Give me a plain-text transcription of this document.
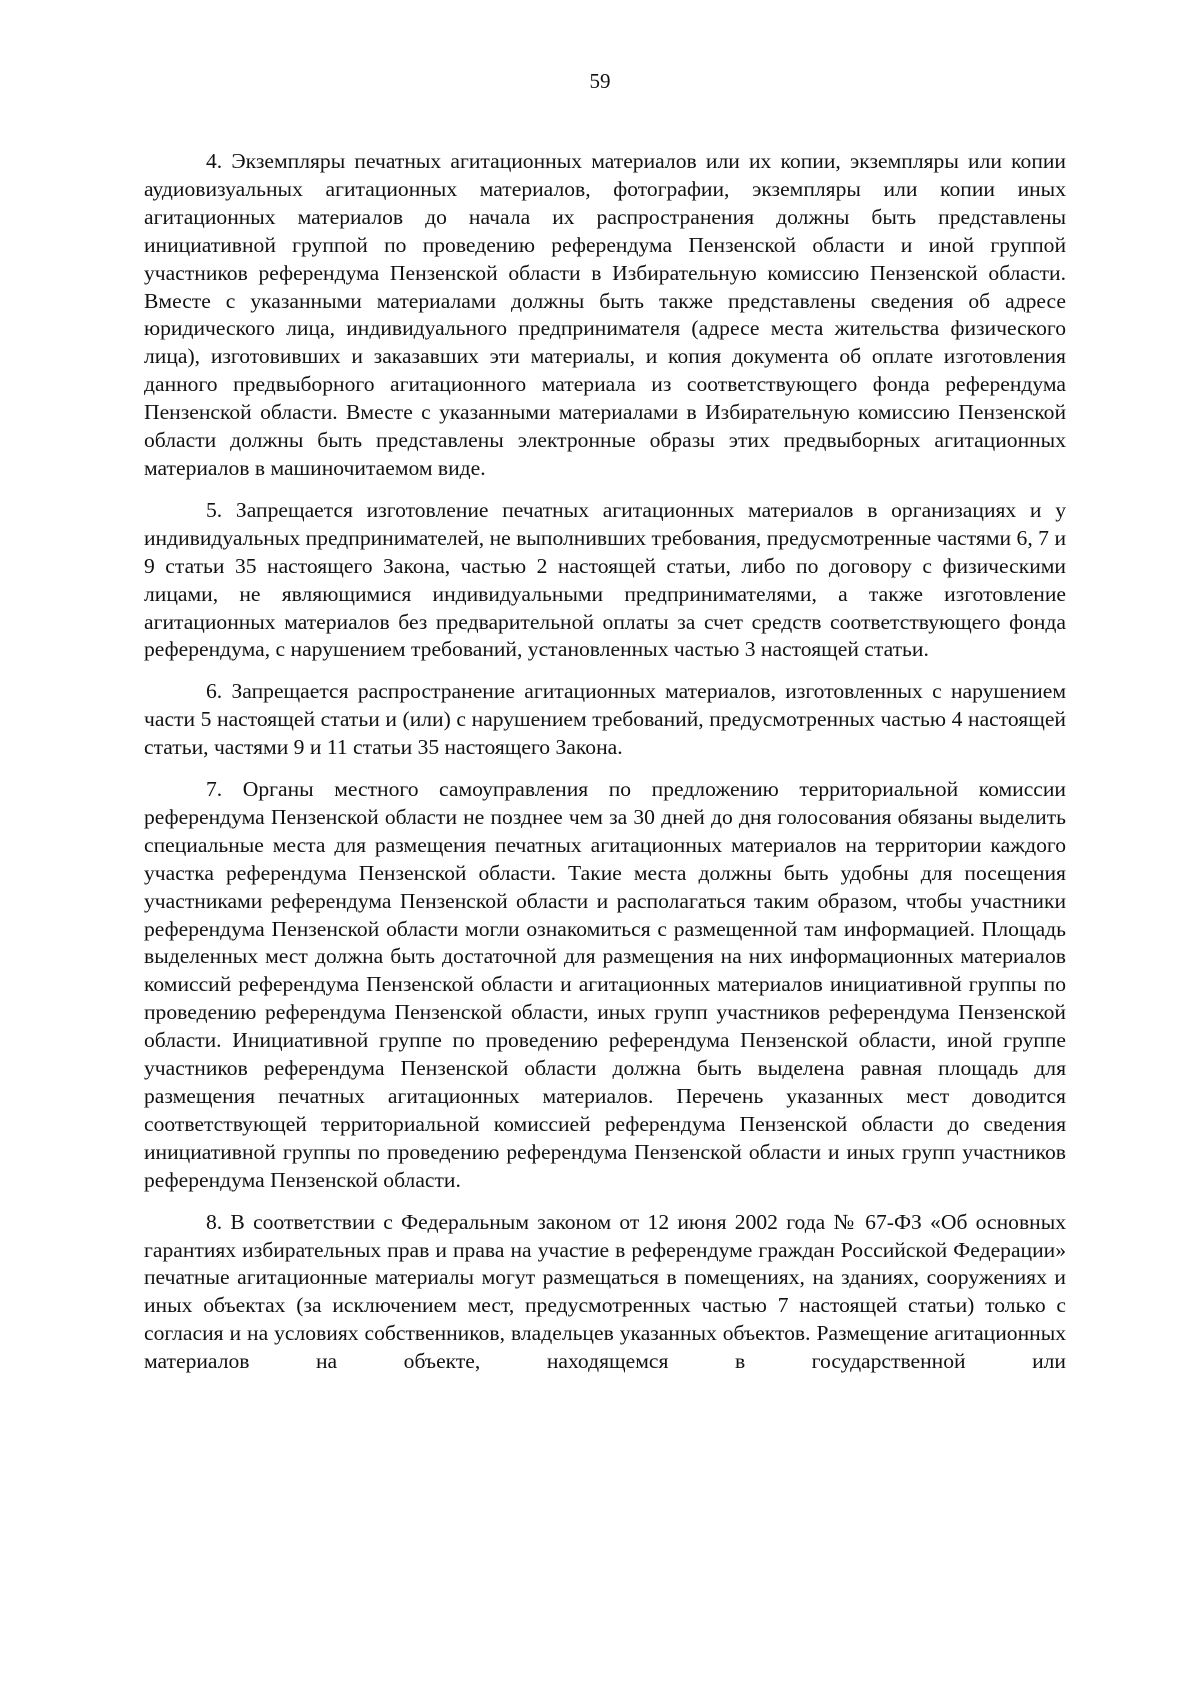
59

4. Экземпляры печатных агитационных материалов или их копии, экземпляры или копии аудиовизуальных агитационных материалов, фотографии, экземпляры или копии иных агитационных материалов до начала их распространения должны быть представлены инициативной группой по проведению референдума Пензенской области и иной группой участников референдума Пензенской области в Избирательную комиссию Пензенской области. Вместе с указанными материалами должны быть также представлены сведения об адресе юридического лица, индивидуального предпринимателя (адресе места жительства физического лица), изготовивших и заказавших эти материалы, и копия документа об оплате изготовления данного предвыборного агитационного материала из соответствующего фонда референдума Пензенской области. Вместе с указанными материалами в Избирательную комиссию Пензенской области должны быть представлены электронные образы этих предвыборных агитационных материалов в машиночитаемом виде.

5. Запрещается изготовление печатных агитационных материалов в организациях и у индивидуальных предпринимателей, не выполнивших требования, предусмотренные частями 6, 7 и 9 статьи 35 настоящего Закона, частью 2 настоящей статьи, либо по договору с физическими лицами, не являющимися индивидуальными предпринимателями, а также изготовление агитационных материалов без предварительной оплаты за счет средств соответствующего фонда референдума, с нарушением требований, установленных частью 3 настоящей статьи.

6. Запрещается распространение агитационных материалов, изготовленных с нарушением части 5 настоящей статьи и (или) с нарушением требований, предусмотренных частью 4 настоящей статьи, частями 9 и 11 статьи 35 настоящего Закона.

7. Органы местного самоуправления по предложению территориальной комиссии референдума Пензенской области не позднее чем за 30 дней до дня голосования обязаны выделить специальные места для размещения печатных агитационных материалов на территории каждого участка референдума Пензенской области. Такие места должны быть удобны для посещения участниками референдума Пензенской области и располагаться таким образом, чтобы участники референдума Пензенской области могли ознакомиться с размещенной там информацией. Площадь выделенных мест должна быть достаточной для размещения на них информационных материалов комиссий референдума Пензенской области и агитационных материалов инициативной группы по проведению референдума Пензенской области, иных групп участников референдума Пензенской области. Инициативной группе по проведению референдума Пензенской области, иной группе участников референдума Пензенской области должна быть выделена равная площадь для размещения печатных агитационных материалов. Перечень указанных мест доводится соответствующей территориальной комиссией референдума Пензенской области до сведения инициативной группы по проведению референдума Пензенской области и иных групп участников референдума Пензенской области.

8. В соответствии с Федеральным законом от 12 июня 2002 года № 67-ФЗ «Об основных гарантиях избирательных прав и права на участие в референдуме граждан Российской Федерации» печатные агитационные материалы могут размещаться в помещениях, на зданиях, сооружениях и иных объектах (за исключением мест, предусмотренных частью 7 настоящей статьи) только с согласия и на условиях собственников, владельцев указанных объектов. Размещение агитационных материалов на объекте, находящемся в государственной или
